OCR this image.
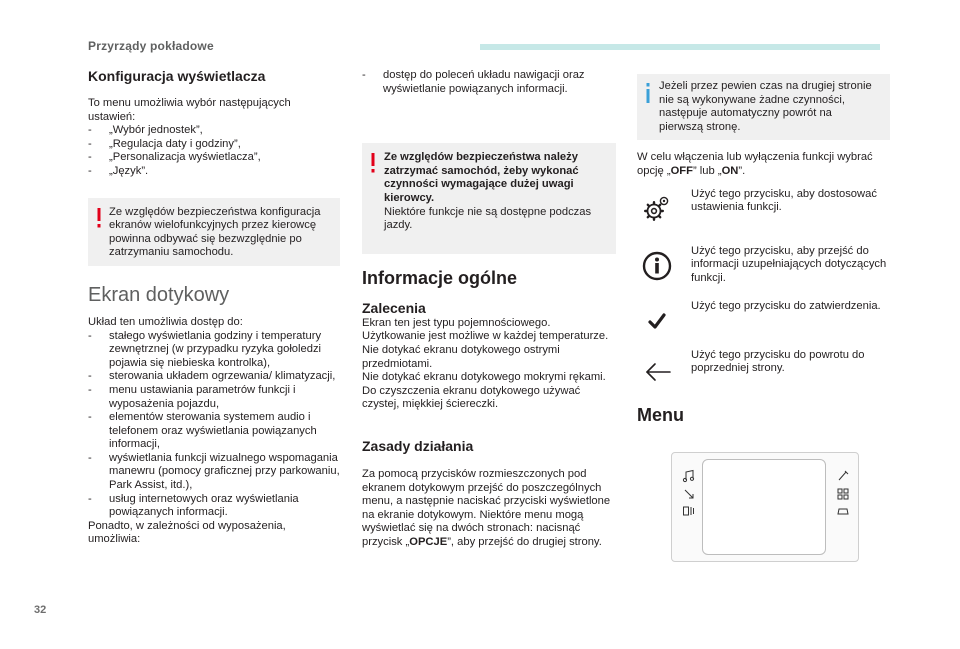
Przyrządy pokładowe
32
Konfiguracja wyświetlacza
To menu umożliwia wybór następujących ustawień:
- „Wybór jednostek”,
- „Regulacja daty i godziny”,
- „Personalizacja wyświetlacza”,
- „Język”.
Ze względów bezpieczeństwa konfiguracja ekranów wielofunkcyjnych przez kierowcę powinna odbywać się bezwzględnie po zatrzymaniu samochodu.
Ekran dotykowy
Układ ten umożliwia dostęp do:
- stałego wyświetlania godziny i temperatury zewnętrznej (w przypadku ryzyka gołoledzi pojawia się niebieska kontrolka),
- sterowania układem ogrzewania/ klimatyzacji,
- menu ustawiania parametrów funkcji i wyposażenia pojazdu,
- elementów sterowania systemem audio i telefonem oraz wyświetlania powiązanych informacji,
- wyświetlania funkcji wizualnego wspomagania manewru (pomocy graficznej przy parkowaniu, Park Assist, itd.),
- usług internetowych oraz wyświetlania powiązanych informacji.
Ponadto, w zależności od wyposażenia, umożliwia:
- dostęp do poleceń układu nawigacji oraz wyświetlanie powiązanych informacji.
Ze względów bezpieczeństwa należy zatrzymać samochód, żeby wykonać czynności wymagające dużej uwagi kierowcy.
Niektóre funkcje nie są dostępne podczas jazdy.
Informacje ogólne
Zalecenia
Ekran ten jest typu pojemnościowego.
Użytkowanie jest możliwe w każdej temperaturze.
Nie dotykać ekranu dotykowego ostrymi przedmiotami.
Nie dotykać ekranu dotykowego mokrymi rękami.
Do czyszczenia ekranu dotykowego używać czystej, miękkiej ściereczki.
Zasady działania
Za pomocą przycisków rozmieszczonych pod ekranem dotykowym przejść do poszczególnych menu, a następnie naciskać przyciski wyświetlone na ekranie dotykowym. Niektóre menu mogą wyświetlać się na dwóch stronach: nacisnąć przycisk „OPCJE”, aby przejść do drugiej strony.
Jeżeli przez pewien czas na drugiej stronie nie są wykonywane żadne czynności, następuje automatyczny powrót na pierwszą stronę.
W celu włączenia lub wyłączenia funkcji wybrać opcję „OFF” lub „ON”.
Użyć tego przycisku, aby dostosować ustawienia funkcji.
Użyć tego przycisku, aby przejść do informacji uzupełniających dotyczących funkcji.
Użyć tego przycisku do zatwierdzenia.
Użyć tego przycisku do powrotu do poprzedniej strony.
Menu
